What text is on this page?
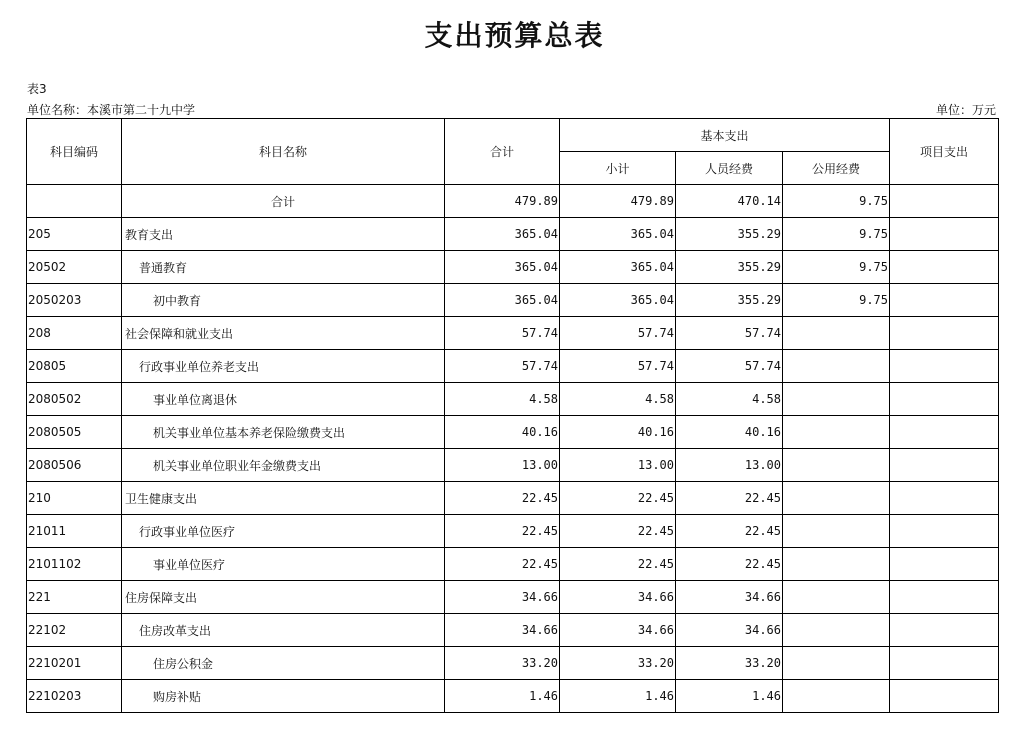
支出预算总表
表3
单位名称：本溪市第二十九中学	单位：万元
科目编码	科目名称	合计	基本支出			项目支出
			小计	人员经费	公用经费	
	合计	479.89	479.89	470.14	9.75	
205	教育支出	365.04	365.04	355.29	9.75	
20502	普通教育	365.04	365.04	355.29	9.75	
2050203	初中教育	365.04	365.04	355.29	9.75	
208	社会保障和就业支出	57.74	57.74	57.74		
20805	行政事业单位养老支出	57.74	57.74	57.74		
2080502	事业单位离退休	4.58	4.58	4.58		
2080505	机关事业单位基本养老保险缴费支出	40.16	40.16	40.16		
2080506	机关事业单位职业年金缴费支出	13.00	13.00	13.00		
210	卫生健康支出	22.45	22.45	22.45		
21011	行政事业单位医疗	22.45	22.45	22.45		
2101102	事业单位医疗	22.45	22.45	22.45		
221	住房保障支出	34.66	34.66	34.66		
22102	住房改革支出	34.66	34.66	34.66		
2210201	住房公积金	33.20	33.20	33.20		
2210203	购房补贴	1.46	1.46	1.46		
